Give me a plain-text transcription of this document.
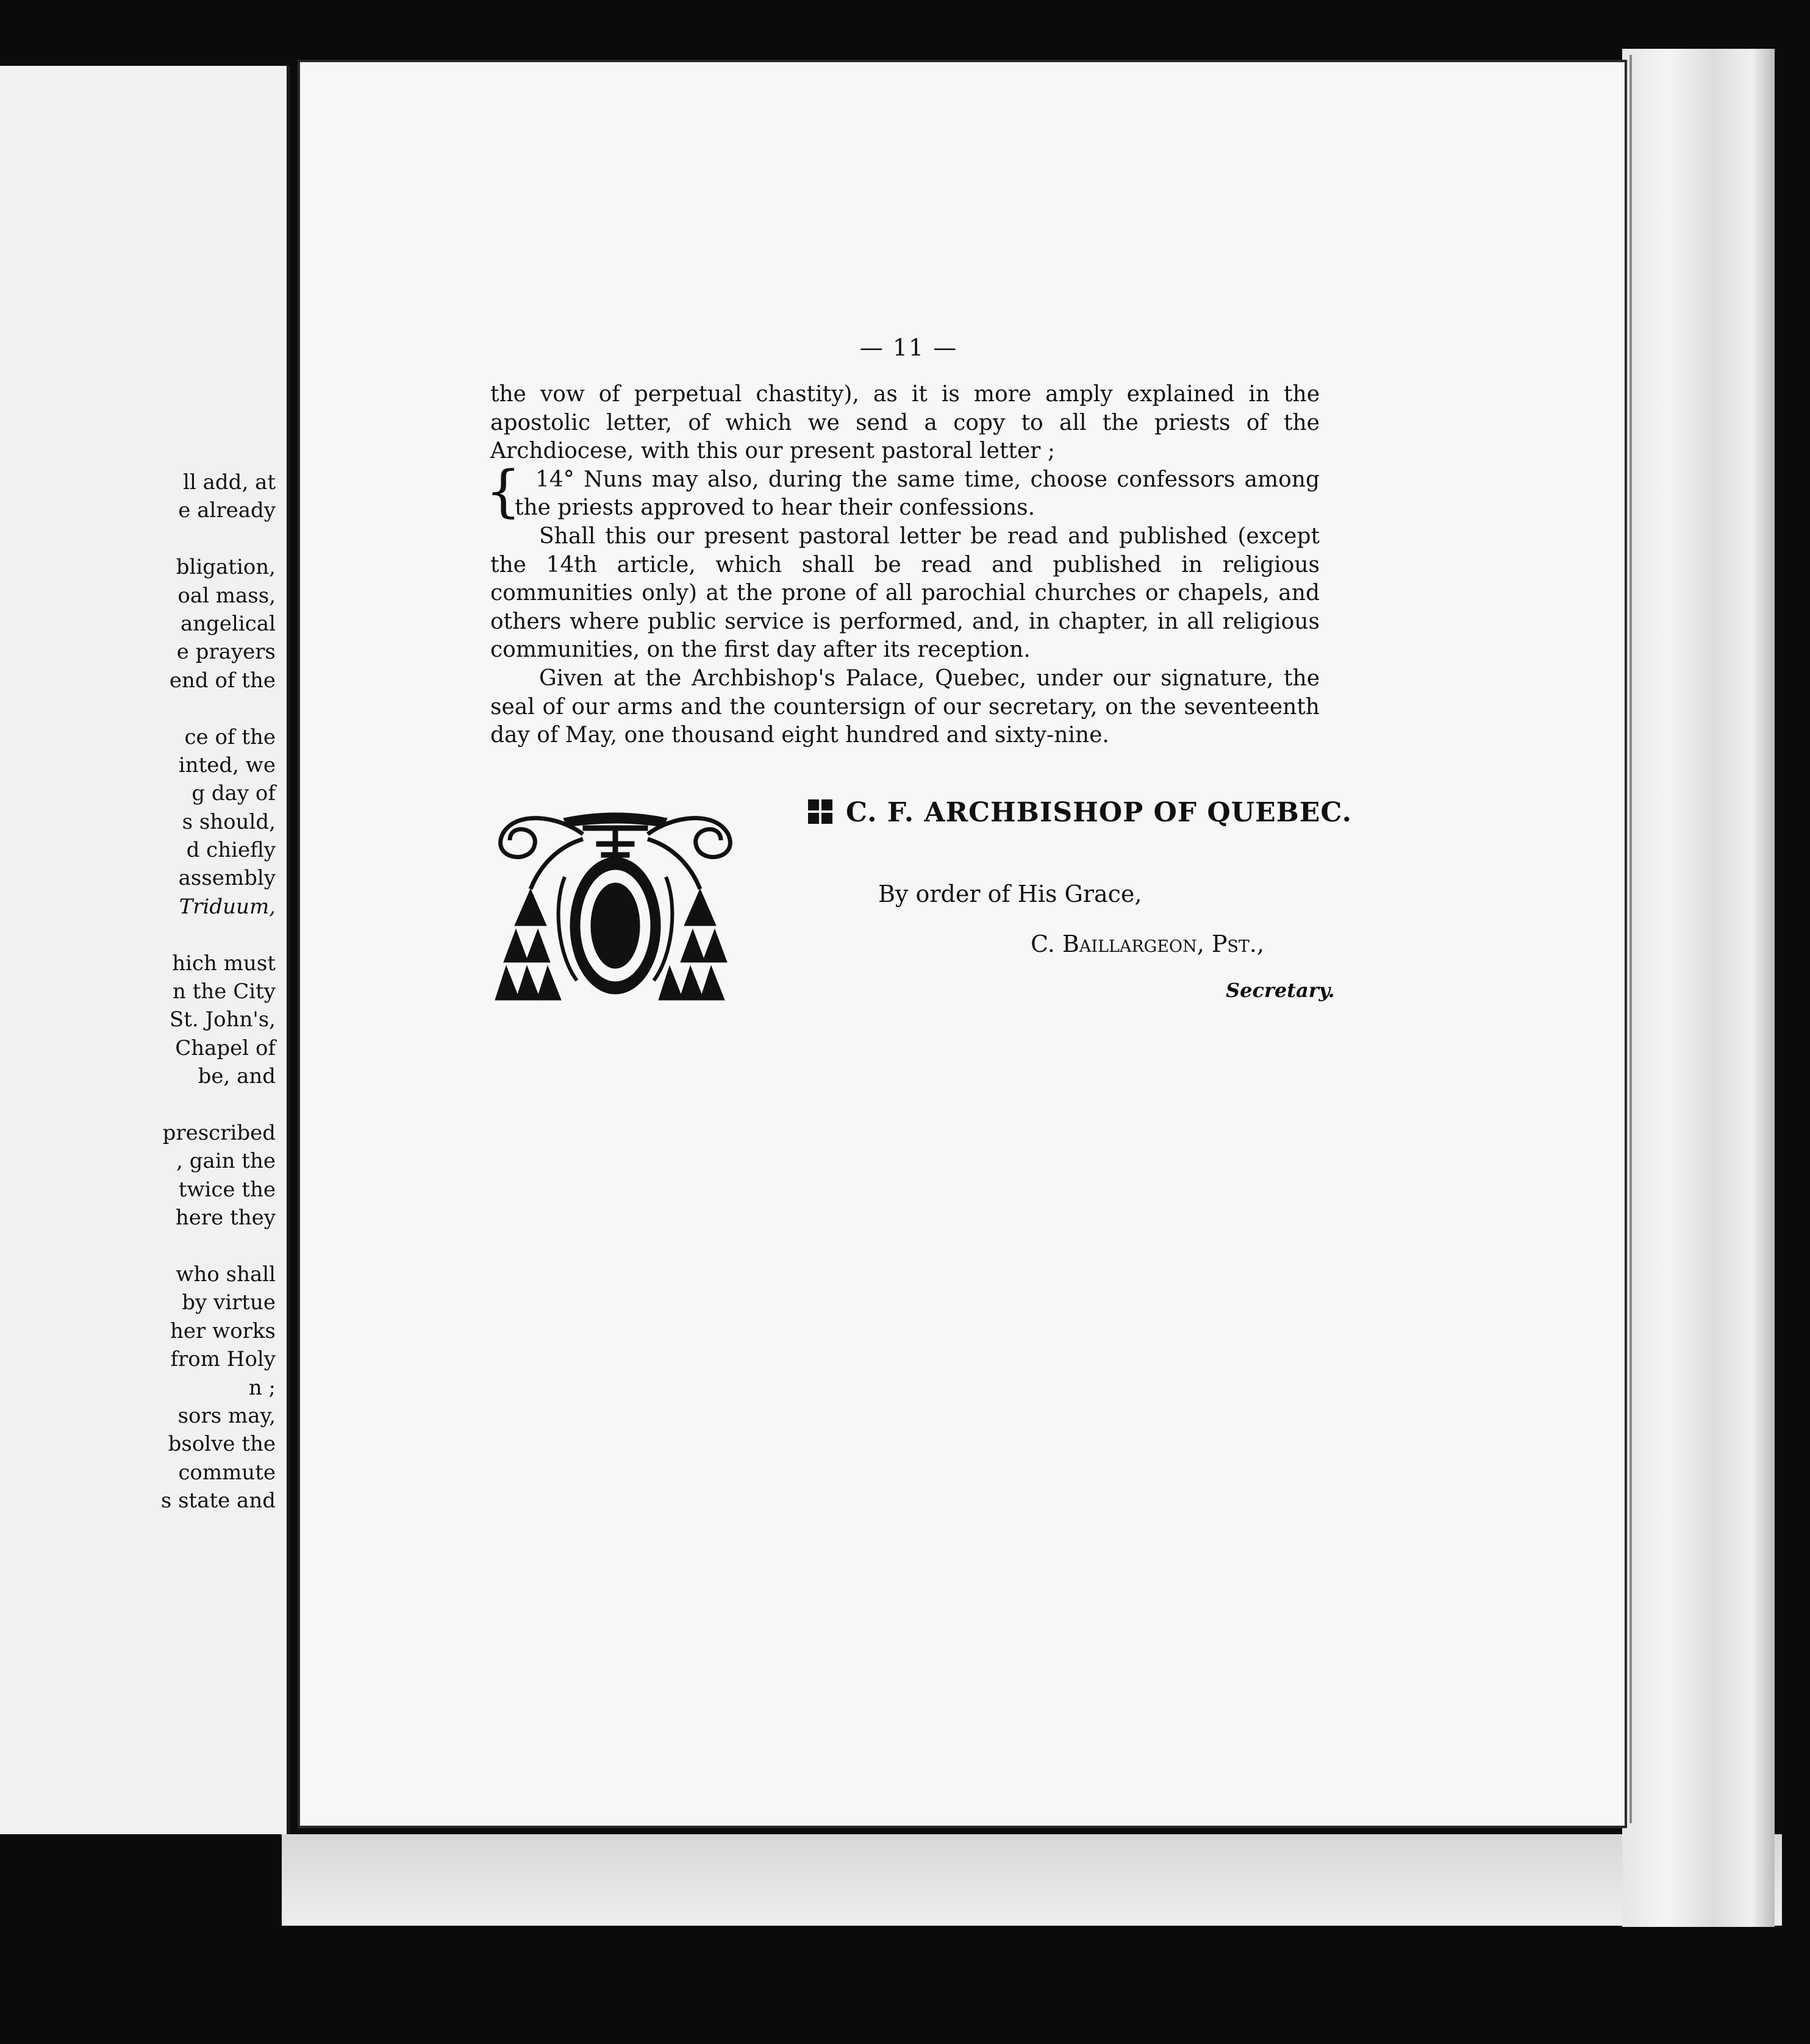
ll add, at
e already
bligation,
oal mass,
angelical
e prayers
end of the
ce of the
inted, we
g day of
s should,
d chiefly
assembly
Triduum,
hich must
n the City
St. John's,
Chapel of
be, and
prescribed
, gain the
twice the
here they
who shall
by virtue
her works
from Holy
n ;
sors may,
bsolve the
commute
s state and
— 11 —

the vow of perpetual chastity), as it is more amply explained in the apostolic letter, of which we send a copy to all the priests of the Archdiocese, with this our present pastoral letter ;

{ 14° Nuns may also, during the same time, choose confessors among the priests approved to hear their confessions.

Shall this our present pastoral letter be read and published (except the 14th article, which shall be read and published in religious communities only) at the prone of all parochial churches or chapels, and others where public service is performed, and, in chapter, in all religious communities, on the first day after its reception.

Given at the Archbishop's Palace, Quebec, under our signature, the seal of our arms and the countersign of our secretary, on the seventeenth day of May, one thousand eight hundred and sixty-nine.

C. F. ARCHBISHOP OF QUEBEC.
By order of His Grace,
C. Baillargeon, Pst.,
Secretary.
